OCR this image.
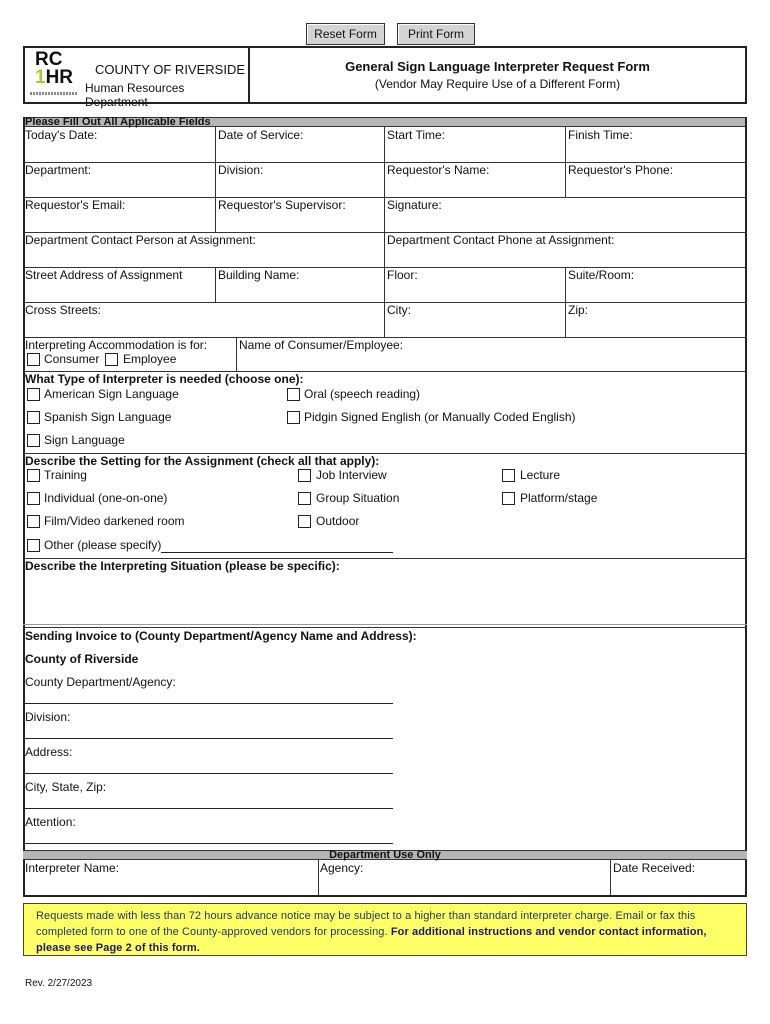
Reset Form	Print Form
RC
1HR COUNTY OF RIVERSIDE
Human Resources Department
General Sign Language Interpreter Request Form
(Vendor May Require Use of a Different Form)
Please Fill Out All Applicable Fields
Today's Date:	Date of Service:	Start Time:	Finish Time:
Department:	Division:	Requestor's Name:	Requestor's Phone:
Requestor's Email:	Requestor's Supervisor:	Signature:
Department Contact Person at Assignment:	Department Contact Phone at Assignment:
Street Address of Assignment	Building Name:	Floor:	Suite/Room:
Cross Streets:	City:	Zip:
Interpreting Accommodation is for:
Consumer Employee
Name of Consumer/Employee:
What Type of Interpreter is needed (choose one):
American Sign Language	Oral (speech reading)
Spanish Sign Language	Pidgin Signed English (or Manually Coded English)
Sign Language
Describe the Setting for the Assignment (check all that apply):
Training	Job Interview	Lecture
Individual (one-on-one)	Group Situation	Platform/stage
Film/Video darkened room	Outdoor
Other (please specify)
Describe the Interpreting Situation (please be specific):
Sending Invoice to (County Department/Agency Name and Address):
County of Riverside
County Department/Agency:
Division:
Address:
City, State, Zip:
Attention:
Department Use Only
Interpreter Name:	Agency:	Date Received:
Requests made with less than 72 hours advance notice may be subject to a higher than standard interpreter charge. Email or fax this completed form to one of the County-approved vendors for processing. For additional instructions and vendor contact information, please see Page 2 of this form.
Rev. 2/27/2023
